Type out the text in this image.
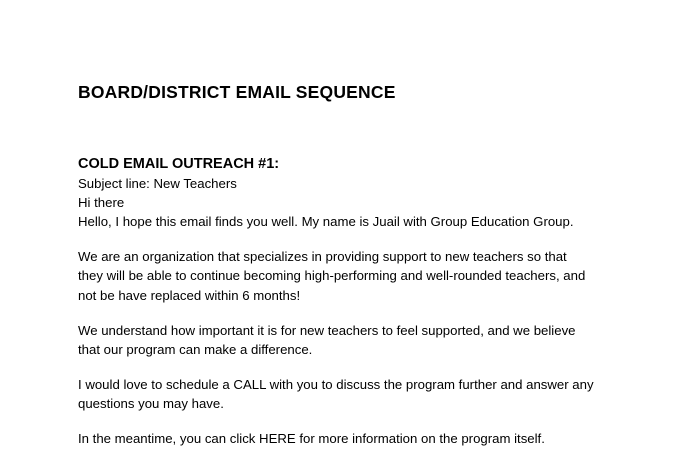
BOARD/DISTRICT EMAIL SEQUENCE
COLD EMAIL OUTREACH #1:

Subject line: New Teachers
Hi there
Hello, I hope this email finds you well. My name is Juail with Group Education Group.

We are an organization that specializes in providing support to new teachers so that
they will be able to continue becoming high-performing and well-rounded teachers, and
not be have replaced within 6 months!

We understand how important it is for new teachers to feel supported, and we believe
that our program can make a difference.

I would love to schedule a CALL with you to discuss the program further and answer any
questions you may have.

In the meantime, you can click HERE for more information on the program itself.
